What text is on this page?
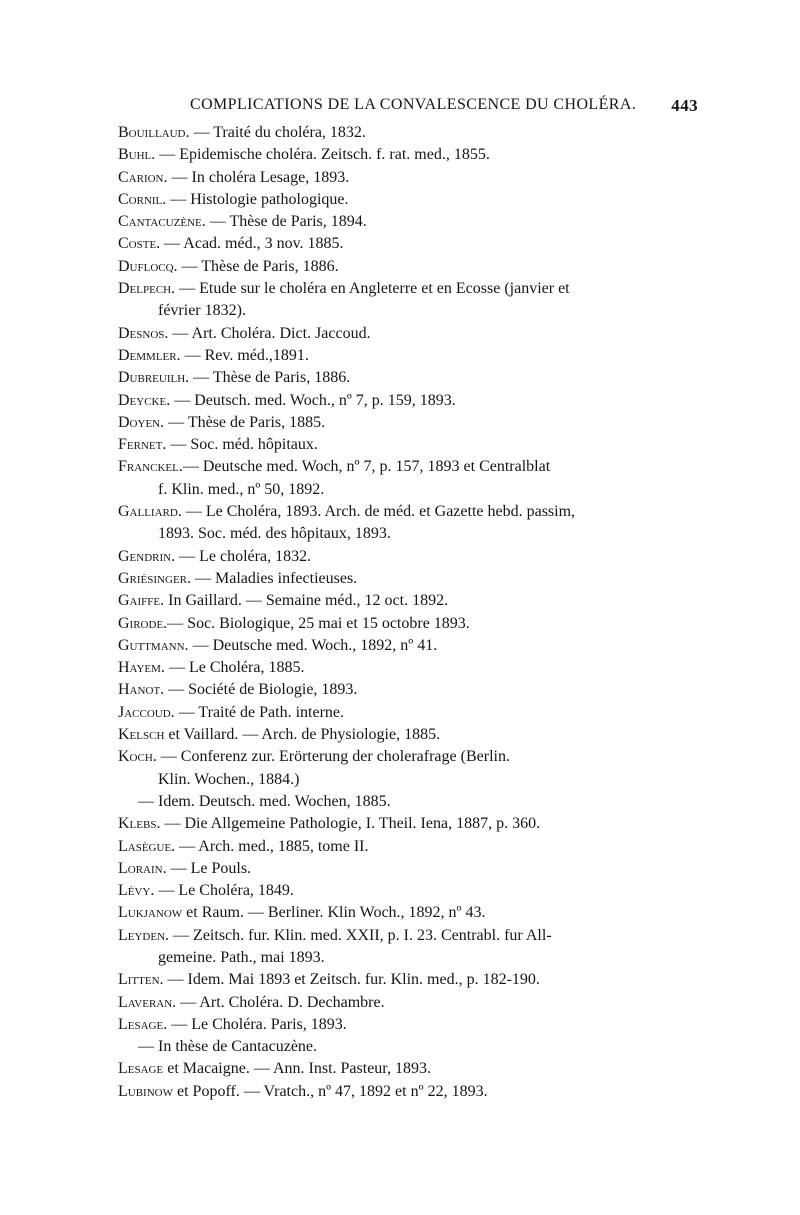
COMPLICATIONS DE LA CONVALESCENCE DU CHOLÉRA. 443
Bouillaud. — Traité du choléra, 1832.
Buhl. — Epidemische choléra. Zeitsch. f. rat. med., 1855.
Carion. — In choléra Lesage, 1893.
Cornil. — Histologie pathologique.
Cantacuzène. — Thèse de Paris, 1894.
Coste. — Acad. méd., 3 nov. 1885.
Duflocq. — Thèse de Paris, 1886.
Delpech. — Etude sur le choléra en Angleterre et en Ecosse (janvier et
février 1832).
Desnos. — Art. Choléra. Dict. Jaccoud.
Demmler. — Rev. méd.,1891.
Dubreuilh. — Thèse de Paris, 1886.
Deycke. — Deutsch. med. Woch., nº 7, p. 159, 1893.
Doyen. — Thèse de Paris, 1885.
Fernet. — Soc. méd. hôpitaux.
Franckel.— Deutsche med. Woch, nº 7, p. 157, 1893 et Centralblat
f. Klin. med., nº 50, 1892.
Galliard. — Le Choléra, 1893. Arch. de méd. et Gazette hebd. passim,
1893. Soc. méd. des hôpitaux, 1893.
Gendrin. — Le choléra, 1832.
Griésinger. — Maladies infectieuses.
Gaiffe. In Gaillard. — Semaine méd., 12 oct. 1892.
Girode.— Soc. Biologique, 25 mai et 15 octobre 1893.
Guttmann. — Deutsche med. Woch., 1892, nº 41.
Hayem. — Le Choléra, 1885.
Hanot. — Société de Biologie, 1893.
Jaccoud. — Traité de Path. interne.
Kelsch et Vaillard. — Arch. de Physiologie, 1885.
Koch. — Conferenz zur. Erörterung der cholerafrage (Berlin.
Klin. Wochen., 1884.)
— Idem. Deutsch. med. Wochen, 1885.
Klebs. — Die Allgemeine Pathologie, I. Theil. Iena, 1887, p. 360.
Lasègue. — Arch. med., 1885, tome II.
Lorain. — Le Pouls.
Lévy. — Le Choléra, 1849.
Lukjanow et Raum. — Berliner. Klin Woch., 1892, nº 43.
Leyden. — Zeitsch. fur. Klin. med. XXII, p. I. 23. Centrabl. fur All-
gemeine. Path., mai 1893.
Litten. — Idem. Mai 1893 et Zeitsch. fur. Klin. med., p. 182-190.
Laveran. — Art. Choléra. D. Dechambre.
Lesage. — Le Choléra. Paris, 1893.
— In thèse de Cantacuzène.
Lesage et Macaigne. — Ann. Inst. Pasteur, 1893.
Lubinow et Popoff. — Vratch., nº 47, 1892 et nº 22, 1893.
